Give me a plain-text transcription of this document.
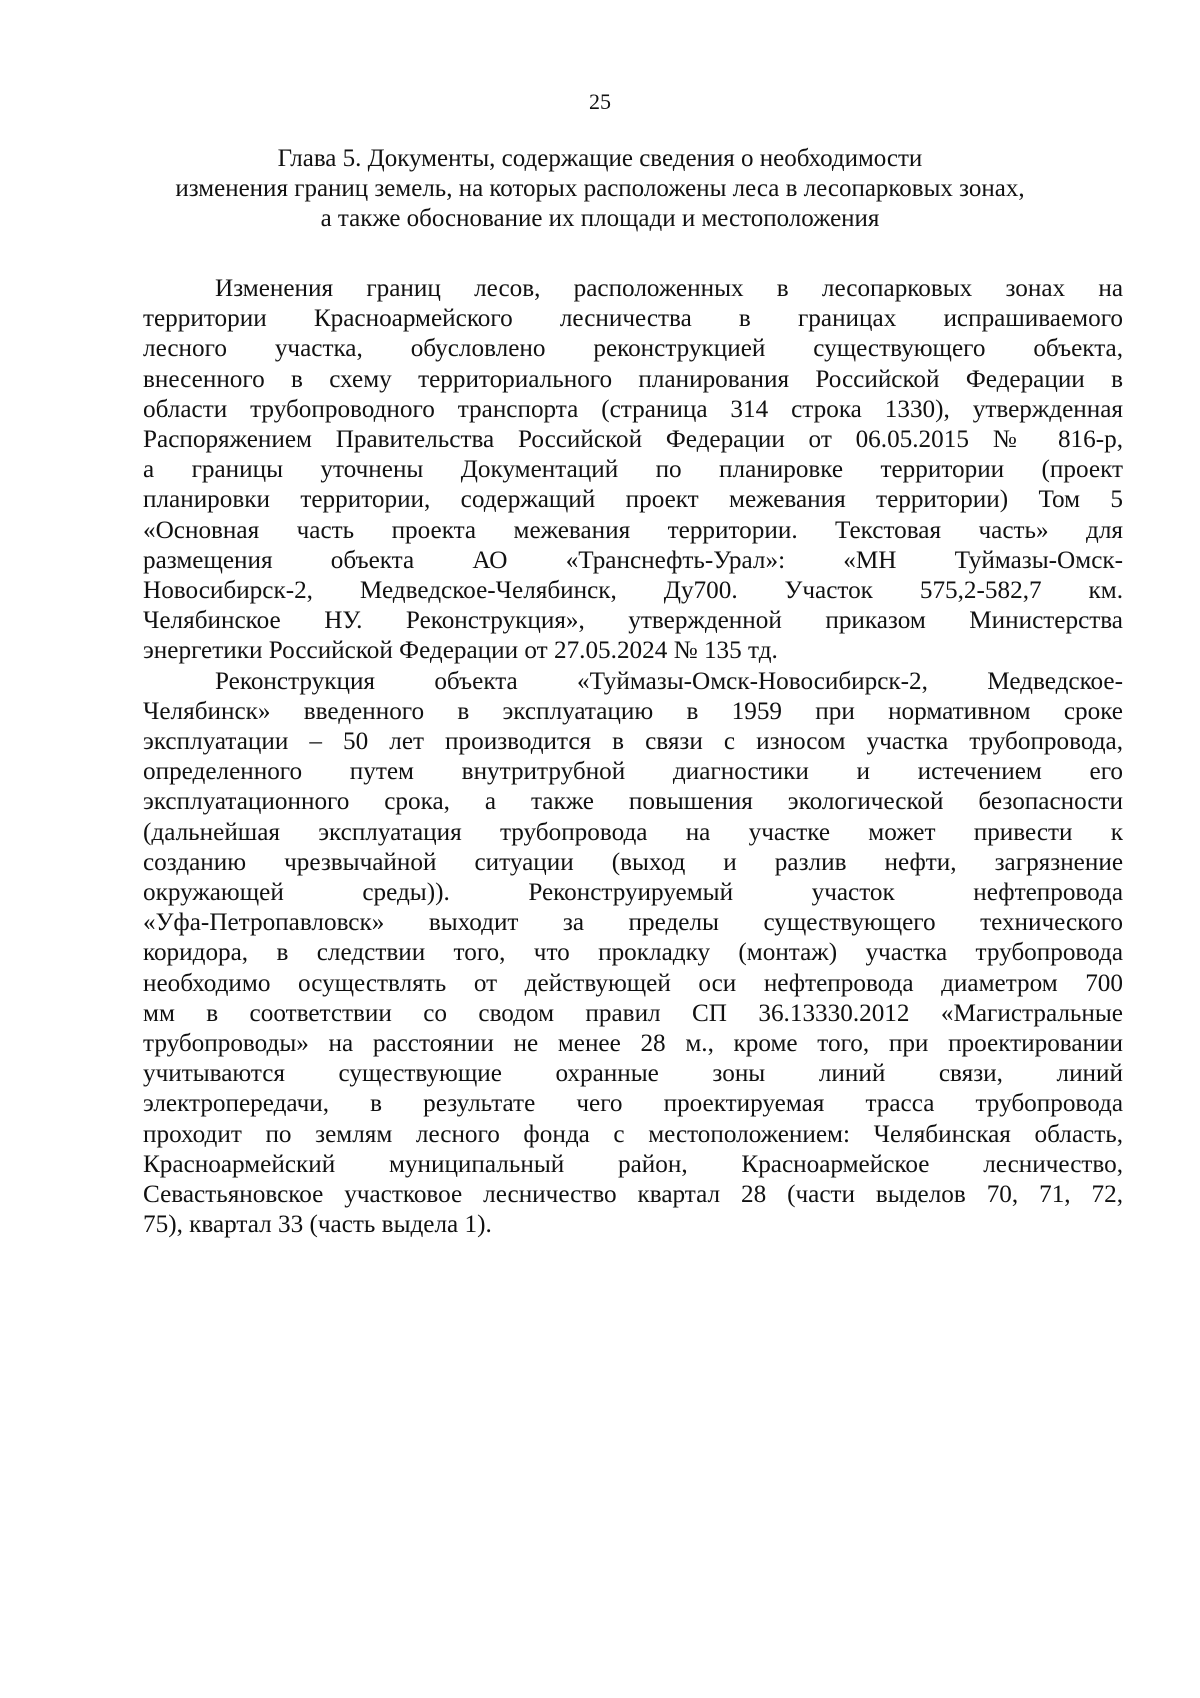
25
Глава 5. Документы, содержащие сведения о необходимости
изменения границ земель, на которых расположены леса в лесопарковых зонах,
а также обоснование их площади и местоположения
Изменения границ лесов, расположенных в лесопарковых зонах на
территории Красноармейского лесничества в границах испрашиваемого
лесного участка, обусловлено реконструкцией существующего объекта,
внесенного в схему территориального планирования Российской Федерации в
области трубопроводного транспорта (страница 314 строка 1330), утвержденная
Распоряжением Правительства Российской Федерации от 06.05.2015 № 816-р,
а границы уточнены Документаций по планировке территории (проект
планировки территории, содержащий проект межевания территории) Том 5
«Основная часть проекта межевания территории. Текстовая часть» для
размещения объекта АО «Транснефть-Урал»: «МН Туймазы-Омск-
Новосибирск-2, Медведское-Челябинск, Ду700. Участок 575,2-582,7 км.
Челябинское НУ. Реконструкция», утвержденной приказом Министерства
энергетики Российской Федерации от 27.05.2024 № 135 тд.
Реконструкция объекта «Туймазы-Омск-Новосибирск-2, Медведское-
Челябинск» введенного в эксплуатацию в 1959 при нормативном сроке
эксплуатации – 50 лет производится в связи с износом участка трубопровода,
определенного путем внутритрубной диагностики и истечением его
эксплуатационного срока, а также повышения экологической безопасности
(дальнейшая эксплуатация трубопровода на участке может привести к
созданию чрезвычайной ситуации (выход и разлив нефти, загрязнение
окружающей среды)). Реконструируемый участок нефтепровода
«Уфа-Петропавловск» выходит за пределы существующего технического
коридора, в следствии того, что прокладку (монтаж) участка трубопровода
необходимо осуществлять от действующей оси нефтепровода диаметром 700
мм в соответствии со сводом правил СП 36.13330.2012 «Магистральные
трубопроводы» на расстоянии не менее 28 м., кроме того, при проектировании
учитываются существующие охранные зоны линий связи, линий
электропередачи, в результате чего проектируемая трасса трубопровода
проходит по землям лесного фонда с местоположением: Челябинская область,
Красноармейский муниципальный район, Красноармейское лесничество,
Севастьяновское участковое лесничество квартал 28 (части выделов 70, 71, 72,
75), квартал 33 (часть выдела 1).
